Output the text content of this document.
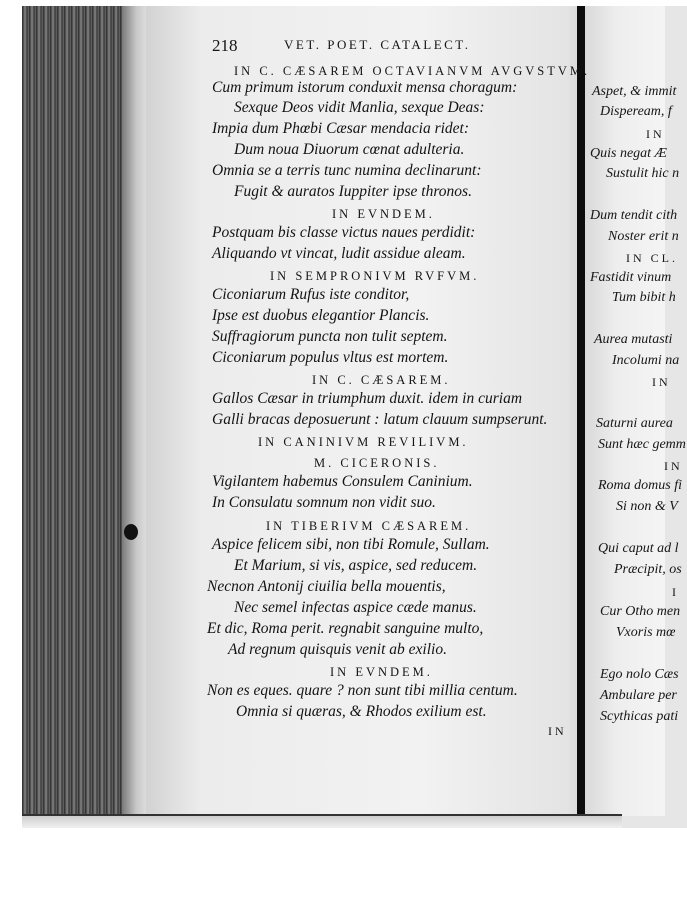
218	VET. POET. CATALECT.
IN C. CÆSAREM OCTAVIANVM AVGVSTVM.
Cum primum istorum conduxit mensa choragum:
Sexque Deos vidit Manlia, sexque Deas:
Impia dum Phœbi Cæsar mendacia ridet:
Dum noua Diuorum cœnat adulteria.
Omnia se a terris tunc numina declinarunt:
Fugit & auratos Iuppiter ipse thronos.
IN EVNDEM.
Postquam bis classe victus naues perdidit:
Aliquando vt vincat, ludit assidue aleam.
IN SEMPRONIVM RVFVM.
Ciconiarum Rufus iste conditor,
Ipse est duobus elegantior Plancis.
Suffragiorum puncta non tulit septem.
Ciconiarum populus vltus est mortem.
IN C. CÆSAREM.
Gallos Cæsar in triumphum duxit. idem in curiam
Galli bracas deposuerunt : latum clauum sumpserunt.
IN CANINIVM REVILIVM.
M. CICERONIS.
Vigilantem habemus Consulem Caninium.
In Consulatu somnum non vidit suo.
IN TIBERIVM CÆSAREM.
Aspice felicem sibi, non tibi Romule, Sullam.
Et Marium, si vis, aspice, sed reducem.
Necnon Antonij ciuilia bella mouentis,
Nec semel infectas aspice cæde manus.
Et dic, Roma perit. regnabit sanguine multo,
Ad regnum quisquis venit ab exilio.
IN EVNDEM.
Non es eques. quare ? non sunt tibi millia centum.
Omnia si quæras, & Rhodos exilium est.
IN
Aspet, & immit
Dispeream, f
IN
Quis negat Æ
Sustulit hic n
Dum tendit cith
Noster erit n
IN CL.
Fastidit vinum
Tum bibit h
Aurea mutasti
Incolumi na
IN
Saturni aurea
Sunt hæc gemm
IN
Roma domus fi
Si non & V
Qui caput ad l
Præcipit, os
I
Cur Otho men
Vxoris mœ
Ego nolo Cæs
Ambulare per
Scythicas pati
